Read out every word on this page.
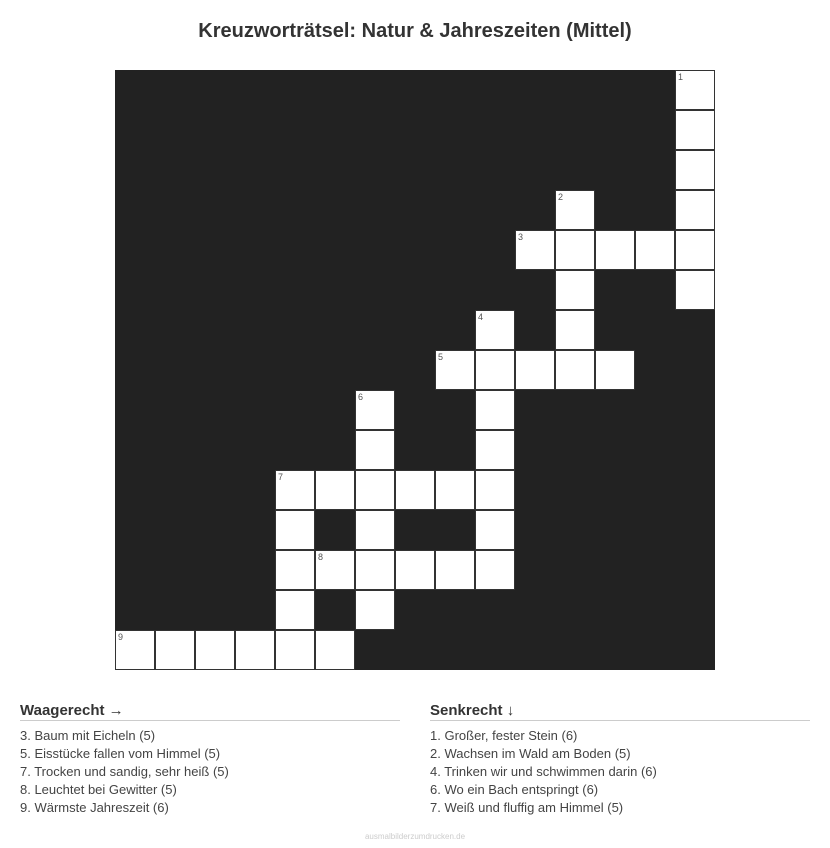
Kreuzworträtsel: Natur & Jahreszeiten (Mittel)
1
2
3
4
5
6
7
8
9
Waagerecht →
3. Baum mit Eicheln (5)
5. Eisstücke fallen vom Himmel (5)
7. Trocken und sandig, sehr heiß (5)
8. Leuchtet bei Gewitter (5)
9. Wärmste Jahreszeit (6)
Senkrecht ↓
1. Großer, fester Stein (6)
2. Wachsen im Wald am Boden (5)
4. Trinken wir und schwimmen darin (6)
6. Wo ein Bach entspringt (6)
7. Weiß und fluffig am Himmel (5)
ausmalbilderzumdrucken.de
